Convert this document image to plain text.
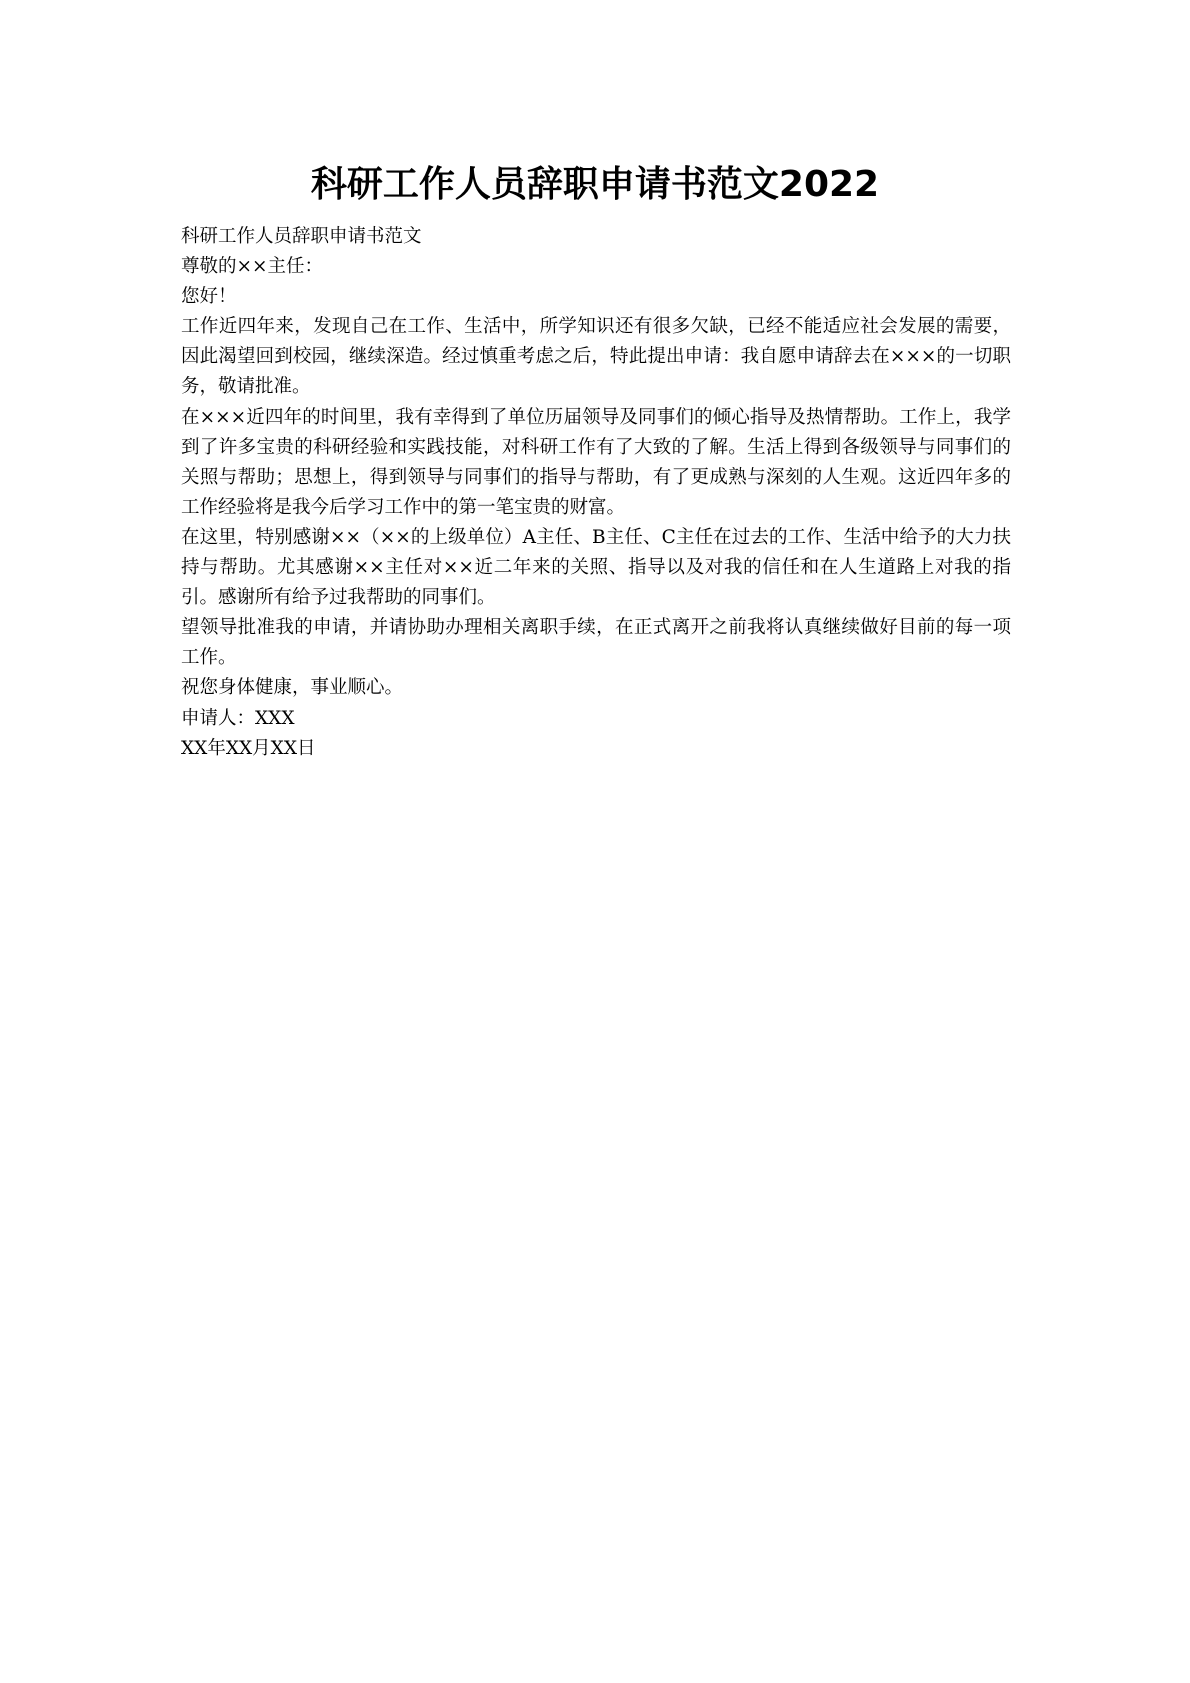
科研工作人员辞职申请书范文2022

科研工作人员辞职申请书范文

尊敬的××主任：

您好！

工作近四年来，发现自己在工作、生活中，所学知识还有很多欠缺，已经不能适应社会发展的需要，因此渴望回到校园，继续深造。经过慎重考虑之后，特此提出申请：我自愿申请辞去在×××的一切职务，敬请批准。

在×××近四年的时间里，我有幸得到了单位历届领导及同事们的倾心指导及热情帮助。工作上，我学到了许多宝贵的科研经验和实践技能，对科研工作有了大致的了解。生活上得到各级领导与同事们的关照与帮助；思想上，得到领导与同事们的指导与帮助，有了更成熟与深刻的人生观。这近四年多的工作经验将是我今后学习工作中的第一笔宝贵的财富。

在这里，特别感谢××（××的上级单位）A主任、B主任、C主任在过去的工作、生活中给予的大力扶持与帮助。尤其感谢××主任对××近二年来的关照、指导以及对我的信任和在人生道路上对我的指引。感谢所有给予过我帮助的同事们。

望领导批准我的申请，并请协助办理相关离职手续，在正式离开之前我将认真继续做好目前的每一项工作。

祝您身体健康，事业顺心。

申请人：XXX

XX年XX月XX日
